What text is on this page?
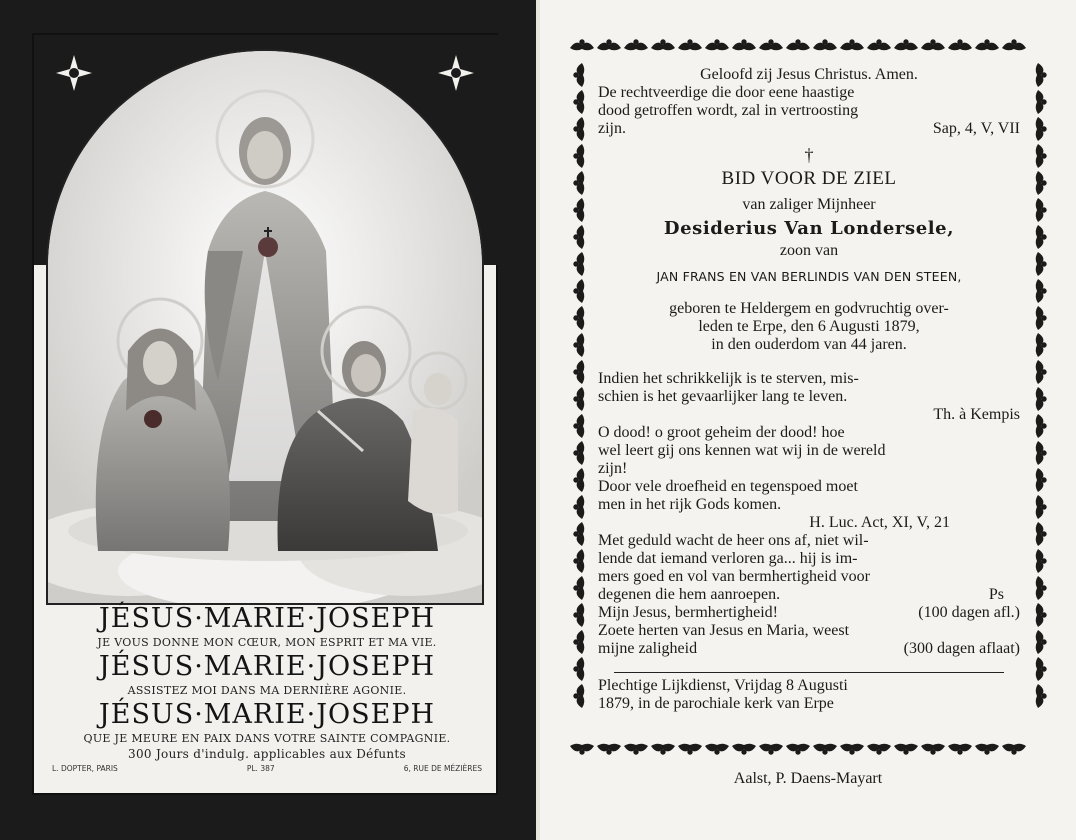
JÉSUS·MARIE·JOSEPH
JE VOUS DONNE MON CŒUR, MON ESPRIT ET MA VIE.
JÉSUS·MARIE·JOSEPH
ASSISTEZ MOI DANS MA DERNIÈRE AGONIE.
JÉSUS·MARIE·JOSEPH
QUE JE MEURE EN PAIX DANS VOTRE SAINTE COMPAGNIE.
300 Jours d'indulg. applicables aux Défunts
L. DOPTER, PARIS	PL. 387	6, RUE DE MÉZIÈRES
Geloofd zij Jesus Christus. Amen.
De rechtveerdige die door eene haastige
dood getroffen wordt, zal in vertroosting
zijn.	Sap, 4, V, VII
†
BID VOOR DE ZIEL
van zaliger Mijnheer
Desiderius Van Londersele,
zoon van
JAN FRANS EN VAN BERLINDIS VAN DEN STEEN,
geboren te Heldergem en godvruchtig over-
leden te Erpe, den 6 Augusti 1879,
in den ouderdom van 44 jaren.
Indien het schrikkelijk is te sterven, mis-
schien is het gevaarlijker lang te leven.
Th. à Kempis
O dood! o groot geheim der dood! hoe
wel leert gij ons kennen wat wij in de wereld
zijn!
Door vele droefheid en tegenspoed moet
men in het rijk Gods komen.
H. Luc. Act, XI, V, 21
Met geduld wacht de heer ons af, niet wil-
lende dat iemand verloren ga... hij is im-
mers goed en vol van bermhertigheid voor
degenen die hem aanroepen.	Ps
Mijn Jesus, bermhertigheid!	(100 dagen afl.)
Zoete herten van Jesus en Maria, weest
mijne zaligheid	(300 dagen aflaat)
Plechtige Lijkdienst, Vrijdag 8 Augusti
1879, in de parochiale kerk van Erpe
Aalst, P. Daens-Mayart
